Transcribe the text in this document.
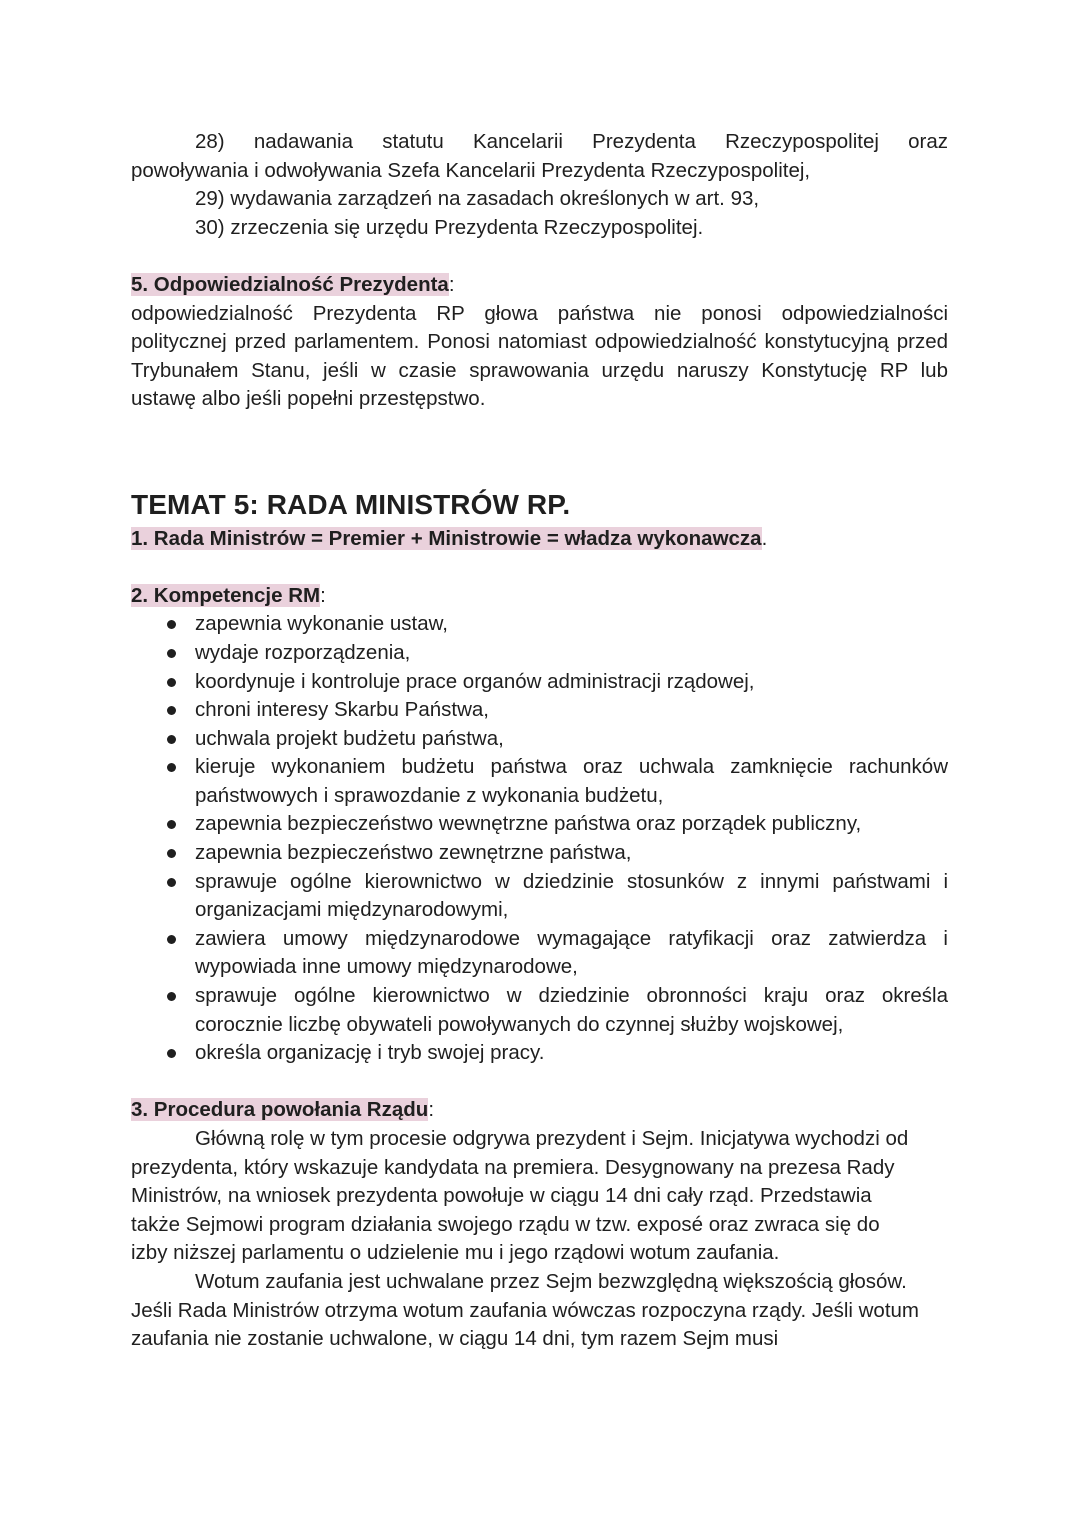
28) nadawania statutu Kancelarii Prezydenta Rzeczypospolitej oraz

powoływania i odwoływania Szefa Kancelarii Prezydenta Rzeczypospolitej,

29) wydawania zarządzeń na zasadach określonych w art. 93,

30) zrzeczenia się urzędu Prezydenta Rzeczypospolitej.

5. Odpowiedzialność Prezydenta:

odpowiedzialność Prezydenta RP głowa państwa nie ponosi odpowiedzialności politycznej przed parlamentem. Ponosi natomiast odpowiedzialność konstytucyjną przed Trybunałem Stanu, jeśli w czasie sprawowania urzędu naruszy Konstytucję RP lub ustawę albo jeśli popełni przestępstwo.

TEMAT 5: RADA MINISTRÓW RP.

1. Rada Ministrów = Premier + Ministrowie = władza wykonawcza.

2. Kompetencje RM:

zapewnia wykonanie ustaw,
wydaje rozporządzenia,
koordynuje i kontroluje prace organów administracji rządowej,
chroni interesy Skarbu Państwa,
uchwala projekt budżetu państwa,
kieruje wykonaniem budżetu państwa oraz uchwala zamknięcie rachunków państwowych i sprawozdanie z wykonania budżetu,
zapewnia bezpieczeństwo wewnętrzne państwa oraz porządek publiczny,
zapewnia bezpieczeństwo zewnętrzne państwa,
sprawuje ogólne kierownictwo w dziedzinie stosunków z innymi państwami i organizacjami międzynarodowymi,
zawiera umowy międzynarodowe wymagające ratyfikacji oraz zatwierdza i wypowiada inne umowy międzynarodowe,
sprawuje ogólne kierownictwo w dziedzinie obronności kraju oraz określa corocznie liczbę obywateli powoływanych do czynnej służby wojskowej,
określa organizację i tryb swojej pracy.

3. Procedura powołania Rządu:

Główną rolę w tym procesie odgrywa prezydent i Sejm. Inicjatywa wychodzi od prezydenta, który wskazuje kandydata na premiera. Desygnowany na prezesa Rady Ministrów, na wniosek prezydenta powołuje w ciągu 14 dni cały rząd. Przedstawia także Sejmowi program działania swojego rządu w tzw. exposé oraz zwraca się do izby niższej parlamentu o udzielenie mu i jego rządowi wotum zaufania.

Wotum zaufania jest uchwalane przez Sejm bezwzględną większością głosów. Jeśli Rada Ministrów otrzyma wotum zaufania wówczas rozpoczyna rządy. Jeśli wotum zaufania nie zostanie uchwalone, w ciągu 14 dni, tym razem Sejm musi
